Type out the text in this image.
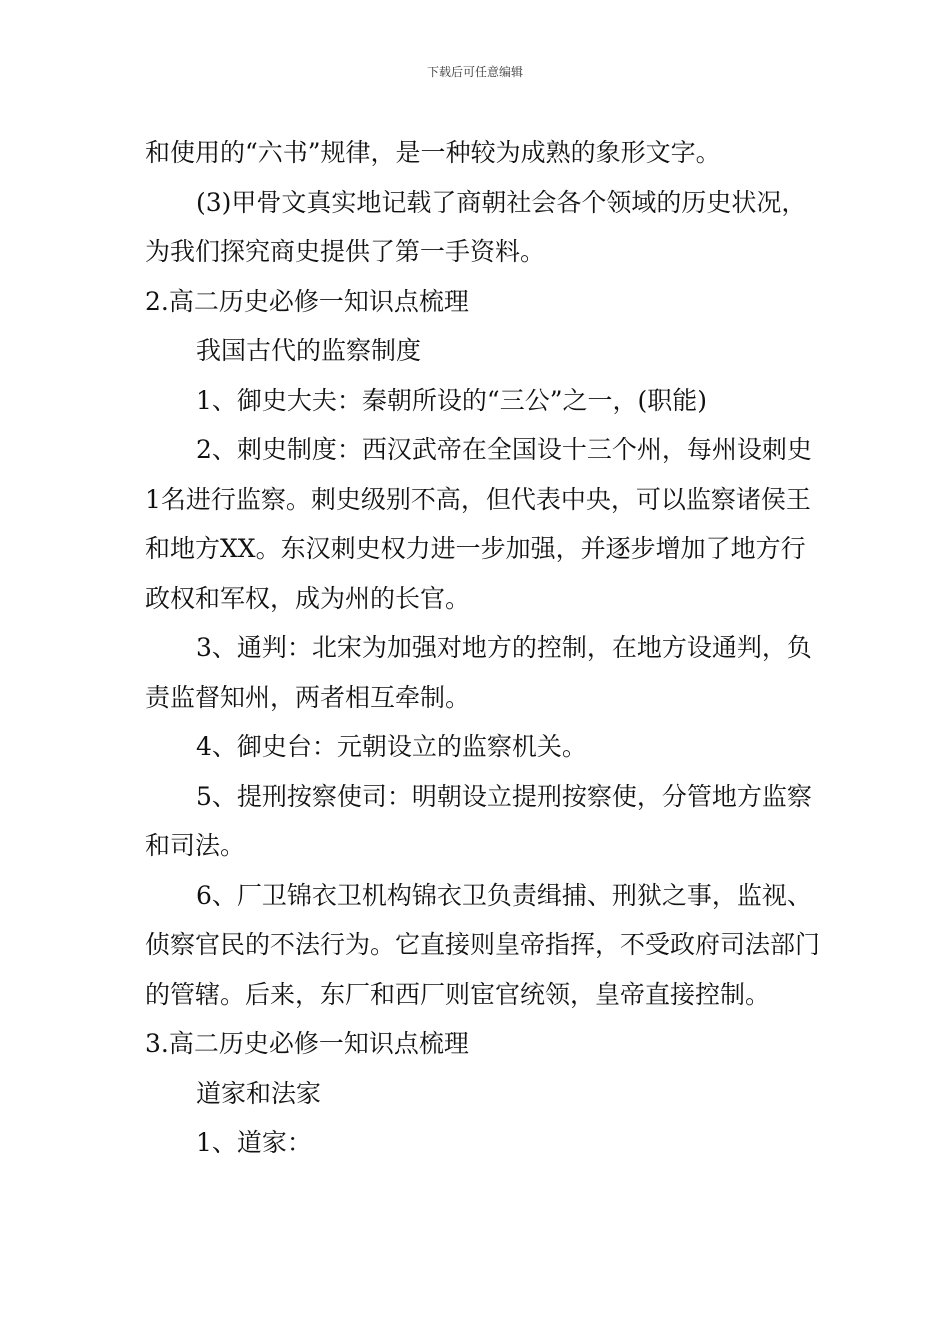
下载后可任意编辑

和使用的“六书”规律，是一种较为成熟的象形文字。

(3)甲骨文真实地记载了商朝社会各个领域的历史状况，为我们探究商史提供了第一手资料。

2.高二历史必修一知识点梳理

我国古代的监察制度

1、御史大夫：秦朝所设的“三公”之一，(职能)

2、刺史制度：西汉武帝在全国设十三个州，每州设刺史1名进行监察。刺史级别不高，但代表中央，可以监察诸侯王和地方XX。东汉刺史权力进一步加强，并逐步增加了地方行政权和军权，成为州的长官。

3、通判：北宋为加强对地方的控制，在地方设通判，负责监督知州，两者相互牵制。

4、御史台：元朝设立的监察机关。

5、提刑按察使司：明朝设立提刑按察使，分管地方监察和司法。

6、厂卫锦衣卫机构锦衣卫负责缉捕、刑狱之事，监视、侦察官民的不法行为。它直接则皇帝指挥，不受政府司法部门的管辖。后来，东厂和西厂则宦官统领，皇帝直接控制。

3.高二历史必修一知识点梳理

道家和法家

1、道家：
